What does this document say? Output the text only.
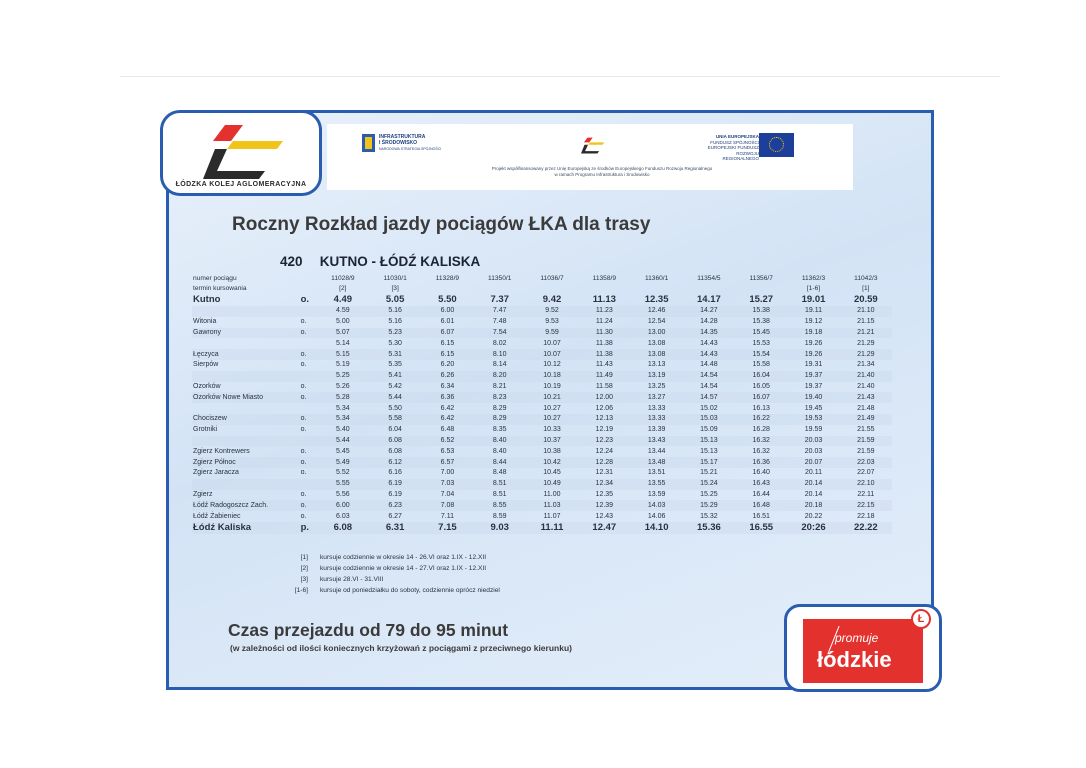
ŁÓDZKA KOLEJ AGLOMERACYJNA
INFRASTRUKTURA
I ŚRODOWISKO
NARODOWA STRATEGIA SPÓJNOŚCI
UNIA EUROPEJSKA
FUNDUSZ SPÓJNOŚCI
EUROPEJSKI FUNDUSZ
ROZWOJU REGIONALNEGO
Projekt współfinansowany przez Unię Europejską ze środków Europejskiego Funduszu Rozwoju Regionalnego
w ramach Programu Infrastruktura i Środowisko
Roczny Rozkład jazdy pociągów ŁKA dla trasy
420 KUTNO - ŁÓDŹ KALISKA
numer pociągu		11028/9	11030/1	11328/9	11350/1	11036/7	11358/9	11360/1	11354/5	11356/7	11362/3	11042/3
termin kursowania		[2]	[3]								[1-6]	[1]
Kutno	o.	4.49	5.05	5.50	7.37	9.42	11.13	12.35	14.17	15.27	19.01	20.59
		4.59	5.16	6.00	7.47	9.52	11.23	12.46	14.27	15.38	19.11	21.10
Witonia	o.	5.00	5.16	6.01	7.48	9.53	11.24	12.54	14.28	15.38	19.12	21.15
Gawrony	o.	5.07	5.23	6.07	7.54	9.59	11.30	13.00	14.35	15.45	19.18	21.21
		5.14	5.30	6.15	8.02	10.07	11.38	13.08	14.43	15.53	19.26	21.29
Łęczyca	o.	5.15	5.31	6.15	8.10	10.07	11.38	13.08	14.43	15.54	19.26	21.29
Sierpów	o.	5.19	5.35	6.20	8.14	10.12	11.43	13.13	14.48	15.58	19.31	21.34
		5.25	5.41	6.26	8.20	10.18	11.49	13.19	14.54	16.04	19.37	21.40
Ozorków	o.	5.26	5.42	6.34	8.21	10.19	11.58	13.25	14.54	16.05	19.37	21.40
Ozorków Nowe Miasto	o.	5.28	5.44	6.36	8.23	10.21	12.00	13.27	14.57	16.07	19.40	21.43
		5.34	5.50	6.42	8.29	10.27	12.06	13.33	15.02	16.13	19.45	21.48
Chociszew	o.	5.34	5.58	6.42	8.29	10.27	12.13	13.33	15.03	16.22	19.53	21.49
Grotniki	o.	5.40	6.04	6.48	8.35	10.33	12.19	13.39	15.09	16.28	19.59	21.55
		5.44	6.08	6.52	8.40	10.37	12.23	13.43	15.13	16.32	20.03	21.59
Zgierz Kontrewers	o.	5.45	6.08	6.53	8.40	10.38	12.24	13.44	15.13	16.32	20.03	21.59
Zgierz Północ	o.	5.49	6.12	6.57	8.44	10.42	12.28	13.48	15.17	16.36	20.07	22.03
Zgierz Jaracza	o.	5.52	6.16	7.00	8.48	10.45	12.31	13.51	15.21	16.40	20.11	22.07
		5.55	6.19	7.03	8.51	10.49	12.34	13.55	15.24	16.43	20.14	22.10
Zgierz	o.	5.56	6.19	7.04	8.51	11.00	12.35	13.59	15.25	16.44	20.14	22.11
Łódź Radogoszcz Zach.	o.	6.00	6.23	7.08	8.55	11.03	12.39	14.03	15.29	16.48	20.18	22.15
Łódź Żabieniec	o.	6.03	6.27	7.11	8.59	11.07	12.43	14.06	15.32	16.51	20.22	22.18
Łódź Kaliska	p.	6.08	6.31	7.15	9.03	11.11	12.47	14.10	15.36	16.55	20:26	22.22
[1] kursuje codziennie w okresie 14 - 26.VI oraz 1.IX - 12.XII
[2] kursuje codziennie w okresie 14 - 27.VI oraz 1.IX - 12.XII
[3] kursuje 28.VI - 31.VIII
[1-6] kursuje od poniedziałku do soboty, codziennie oprócz niedziel
Czas przejazdu od 79 do 95 minut
(w zależności od ilości koniecznych krzyżowań z pociągami z przeciwnego kierunku)
promuje
łódzkie
Ł
